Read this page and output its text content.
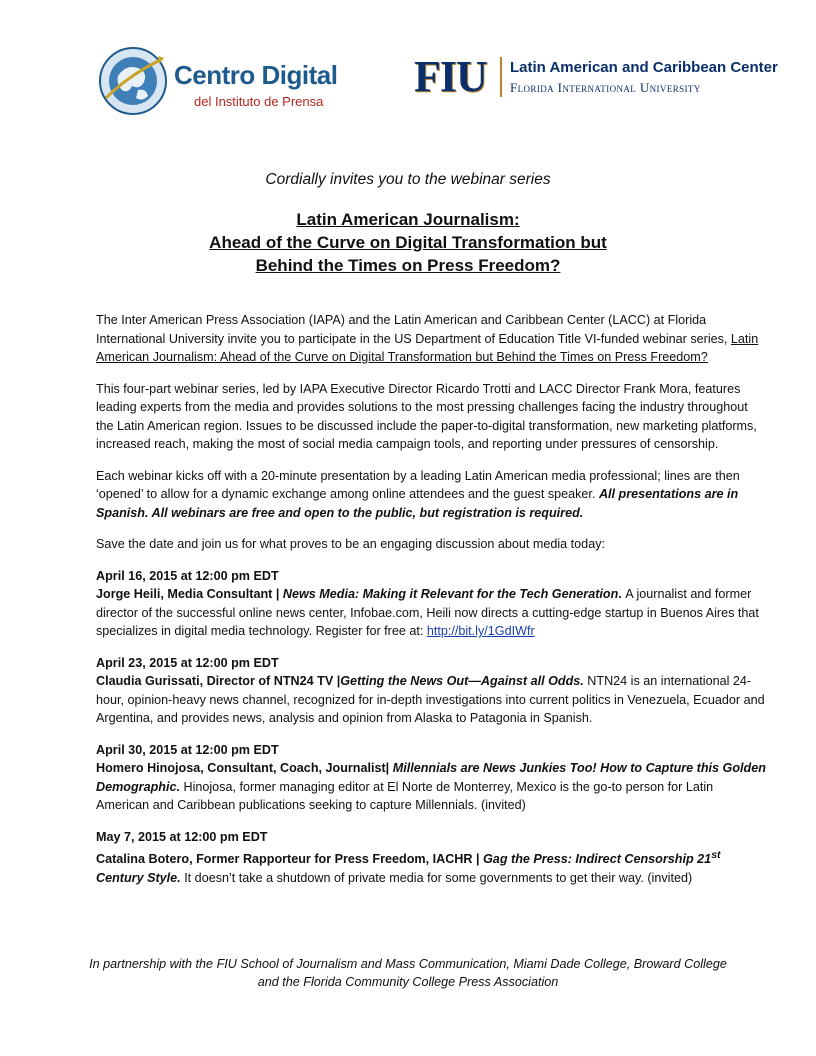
Centro Digital
del Instituto de Prensa
FIU Latin American and Caribbean Center
Florida International University
Cordially invites you to the webinar series
Latin American Journalism:
Ahead of the Curve on Digital Transformation but
Behind the Times on Press Freedom?

The Inter American Press Association (IAPA) and the Latin American and Caribbean Center (LACC) at Florida International University invite you to participate in the US Department of Education Title VI-funded webinar series, Latin American Journalism: Ahead of the Curve on Digital Transformation but Behind the Times on Press Freedom?

This four-part webinar series, led by IAPA Executive Director Ricardo Trotti and LACC Director Frank Mora, features leading experts from the media and provides solutions to the most pressing challenges facing the industry throughout the Latin American region. Issues to be discussed include the paper-to-digital transformation, new marketing platforms, increased reach, making the most of social media campaign tools, and reporting under pressures of censorship.

Each webinar kicks off with a 20-minute presentation by a leading Latin American media professional; lines are then ‘opened’ to allow for a dynamic exchange among online attendees and the guest speaker. All presentations are in Spanish. All webinars are free and open to the public, but registration is required.

Save the date and join us for what proves to be an engaging discussion about media today:

April 16, 2015 at 12:00 pm EDT
Jorge Heili, Media Consultant | News Media: Making it Relevant for the Tech Generation. A journalist and former director of the successful online news center, Infobae.com, Heili now directs a cutting-edge startup in Buenos Aires that specializes in digital media technology. Register for free at: http://bit.ly/1GdIWfr
April 23, 2015 at 12:00 pm EDT
Claudia Gurissati, Director of NTN24 TV |Getting the News Out—Against all Odds. NTN24 is an international 24-hour, opinion-heavy news channel, recognized for in-depth investigations into current politics in Venezuela, Ecuador and Argentina, and provides news, analysis and opinion from Alaska to Patagonia in Spanish.
April 30, 2015 at 12:00 pm EDT
Homero Hinojosa, Consultant, Coach, Journalist| Millennials are News Junkies Too! How to Capture this Golden Demographic. Hinojosa, former managing editor at El Norte de Monterrey, Mexico is the go-to person for Latin American and Caribbean publications seeking to capture Millennials. (invited)
May 7, 2015 at 12:00 pm EDT
Catalina Botero, Former Rapporteur for Press Freedom, IACHR | Gag the Press: Indirect Censorship 21st Century Style. It doesn’t take a shutdown of private media for some governments to get their way. (invited)
In partnership with the FIU School of Journalism and Mass Communication, Miami Dade College, Broward College
and the Florida Community College Press Association
